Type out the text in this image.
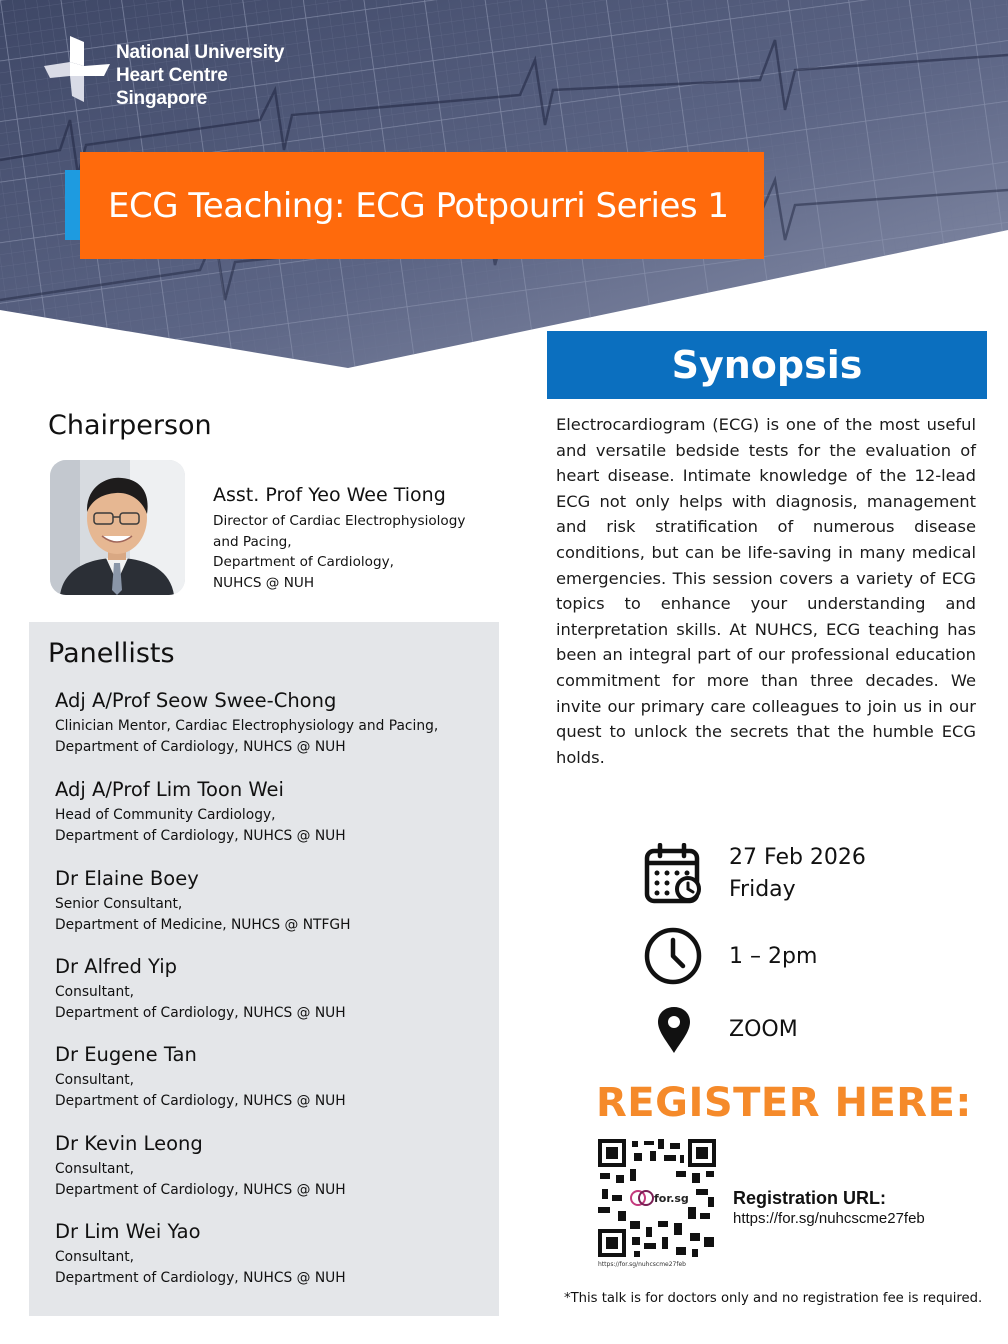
National University
Heart Centre
Singapore
ECG Teaching: ECG Potpourri Series 1
Synopsis
Electrocardiogram (ECG) is one of the most useful and versatile bedside tests for the evaluation of heart disease. Intimate knowledge of the 12-lead ECG not only helps with diagnosis, management and risk stratification of numerous disease conditions, but can be life-saving in many medical emergencies. This session covers a variety of ECG topics to enhance your understanding and interpretation skills. At NUHCS, ECG teaching has been an integral part of our professional education commitment for more than three decades. We invite our primary care colleagues to join us in our quest to unlock the secrets that the humble ECG holds.
Chairperson
Asst. Prof Yeo Wee Tiong
Director of Cardiac Electrophysiology
and Pacing,
Department of Cardiology,
NUHCS @ NUH
Panellists
Adj A/Prof Seow Swee-Chong
Clinician Mentor, Cardiac Electrophysiology and Pacing,
Department of Cardiology, NUHCS @ NUH
Adj A/Prof Lim Toon Wei
Head of Community Cardiology,
Department of Cardiology, NUHCS @ NUH
Dr Elaine Boey
Senior Consultant,
Department of Medicine, NUHCS @ NTFGH
Dr Alfred Yip
Consultant,
Department of Cardiology, NUHCS @ NUH
Dr Eugene Tan
Consultant,
Department of Cardiology, NUHCS @ NUH
Dr Kevin Leong
Consultant,
Department of Cardiology, NUHCS @ NUH
Dr Lim Wei Yao
Consultant,
Department of Cardiology, NUHCS @ NUH
27 Feb 2026
Friday
1 – 2pm
ZOOM
REGISTER HERE:
for.sg
https://for.sg/nuhcscme27feb
Registration URL:
https://for.sg/nuhcscme27feb
*This talk is for doctors only and no registration fee is required.
